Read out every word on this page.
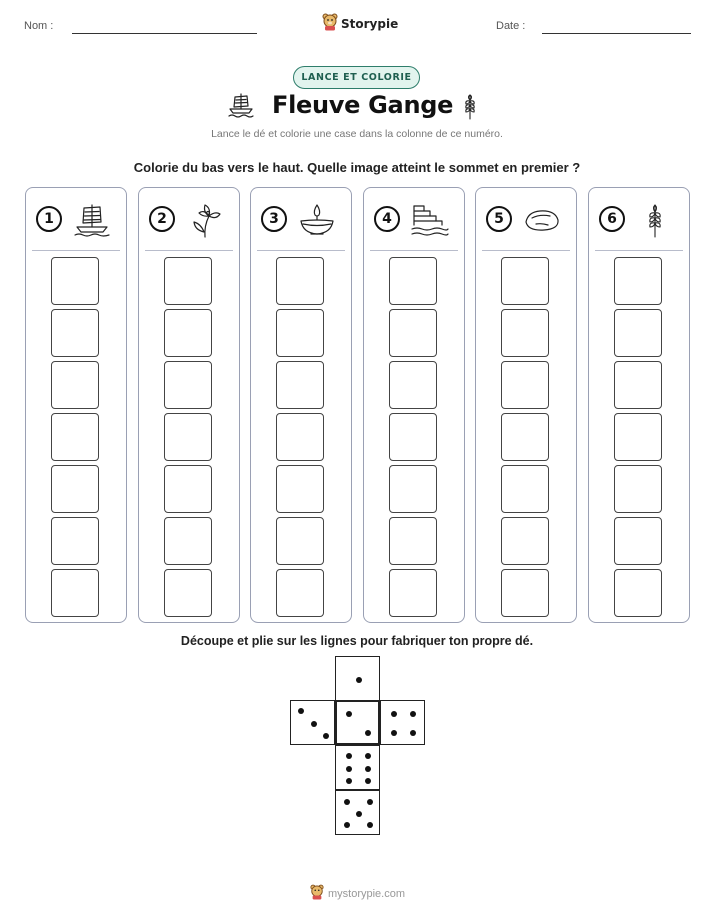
Nom :	Storypie	Date :
LANCE ET COLORIE
Fleuve Gange
Lance le dé et colorie une case dans la colonne de ce numéro.
Colorie du bas vers le haut. Quelle image atteint le sommet en premier ?
1	2	3	4	5	6
Découpe et plie sur les lignes pour fabriquer ton propre dé.
mystorypie.com
